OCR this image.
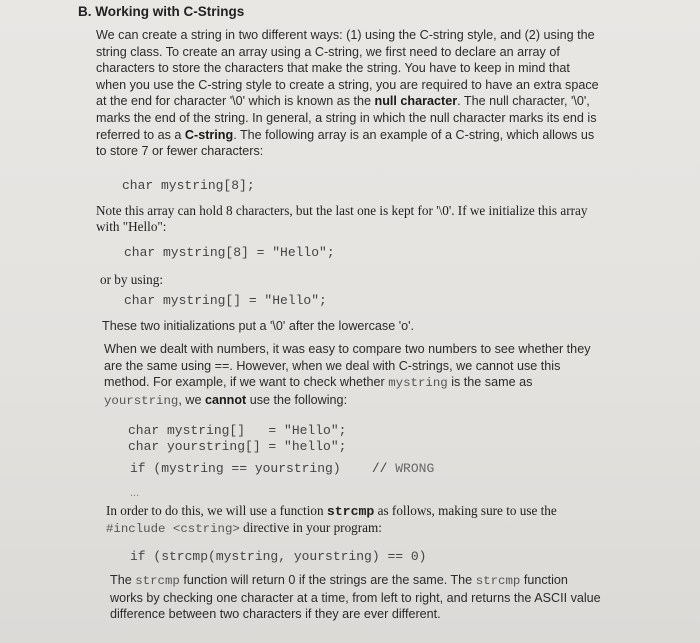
B. Working with C-Strings

We can create a string in two different ways: (1) using the C-string style, and (2) using the string class. To create an array using a C-string, we first need to declare an array of characters to store the characters that make the string. You have to keep in mind that when you use the C-string style to create a string, you are required to have an extra space at the end for character '\0' which is known as the null character. The null character, '\0', marks the end of the string. In general, a string in which the null character marks its end is referred to as a C-string. The following array is an example of a C-string, which allows us to store 7 or fewer characters:

char mystring[8];

Note this array can hold 8 characters, but the last one is kept for '\0'. If we initialize this array with "Hello":

char mystring[8] = "Hello";

or by using:

char mystring[] = "Hello";

These two initializations put a '\0' after the lowercase 'o'.

When we dealt with numbers, it was easy to compare two numbers to see whether they are the same using ==. However, when we deal with C-strings, we cannot use this method. For example, if we want to check whether mystring is the same as yourstring, we cannot use the following:

char mystring[]   = "Hello";
char yourstring[] = "hello";
if (mystring == yourstring)    // WRONG

...

In order to do this, we will use a function strcmp as follows, making sure to use the #include <cstring> directive in your program:

if (strcmp(mystring, yourstring) == 0)

The strcmp function will return 0 if the strings are the same. The strcmp function works by checking one character at a time, from left to right, and returns the ASCII value difference between two characters if they are ever different.
